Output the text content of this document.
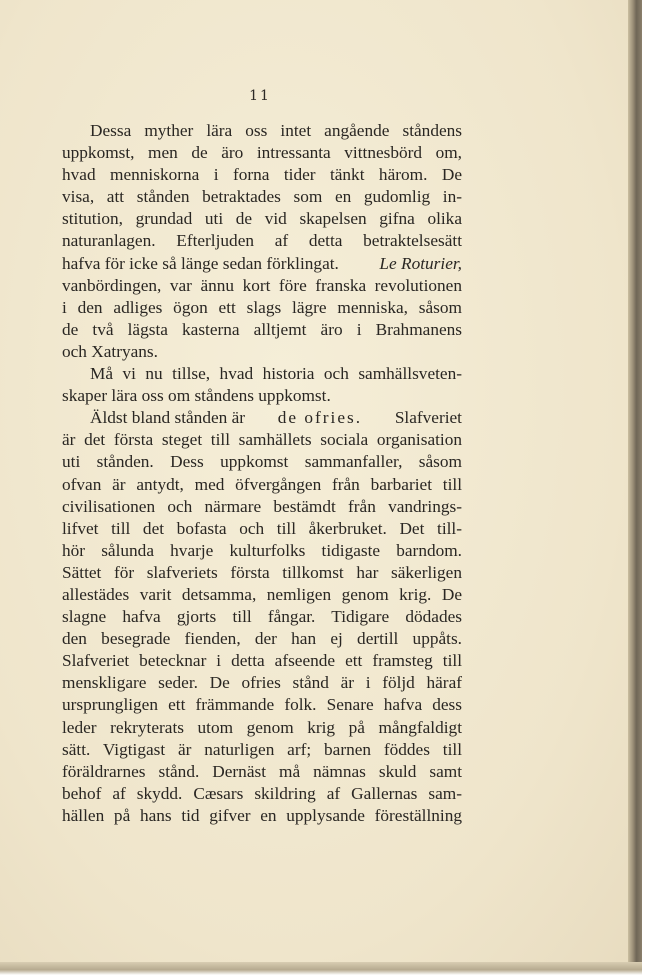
11
Dessa myther lära oss intet angående ståndens
uppkomst, men de äro intressanta vittnesbörd om,
hvad menniskorna i forna tider tänkt härom. De
visa, att stånden betraktades som en gudomlig in-
stitution, grundad uti de vid skapelsen gifna olika
naturanlagen. Efterljuden af detta betraktelsesätt
hafva för icke så länge sedan förklingat. Le Roturier,
vanbördingen, var ännu kort före franska revolutionen
i den adliges ögon ett slags lägre menniska, såsom
de två lägsta kasterna alltjemt äro i Brahmanens
och Xatryans.
Må vi nu tillse, hvad historia och samhällsveten-
skaper lära oss om ståndens uppkomst.
Äldst bland stånden är de ofries. Slafveriet
är det första steget till samhällets sociala organisation
uti stånden. Dess uppkomst sammanfaller, såsom
ofvan är antydt, med öfvergången från barbariet till
civilisationen och närmare bestämdt från vandrings-
lifvet till det bofasta och till åkerbruket. Det till-
hör sålunda hvarje kulturfolks tidigaste barndom.
Sättet för slafveriets första tillkomst har säkerligen
allestädes varit detsamma, nemligen genom krig. De
slagne hafva gjorts till fångar. Tidigare dödades
den besegrade fienden, der han ej dertill uppåts.
Slafveriet betecknar i detta afseende ett framsteg till
menskligare seder. De ofries stånd är i följd häraf
ursprungligen ett främmande folk. Senare hafva dess
leder rekryterats utom genom krig på mångfaldigt
sätt. Vigtigast är naturligen arf; barnen föddes till
föräldrarnes stånd. Dernäst må nämnas skuld samt
behof af skydd. Cæsars skildring af Gallernas sam-
hällen på hans tid gifver en upplysande föreställning
